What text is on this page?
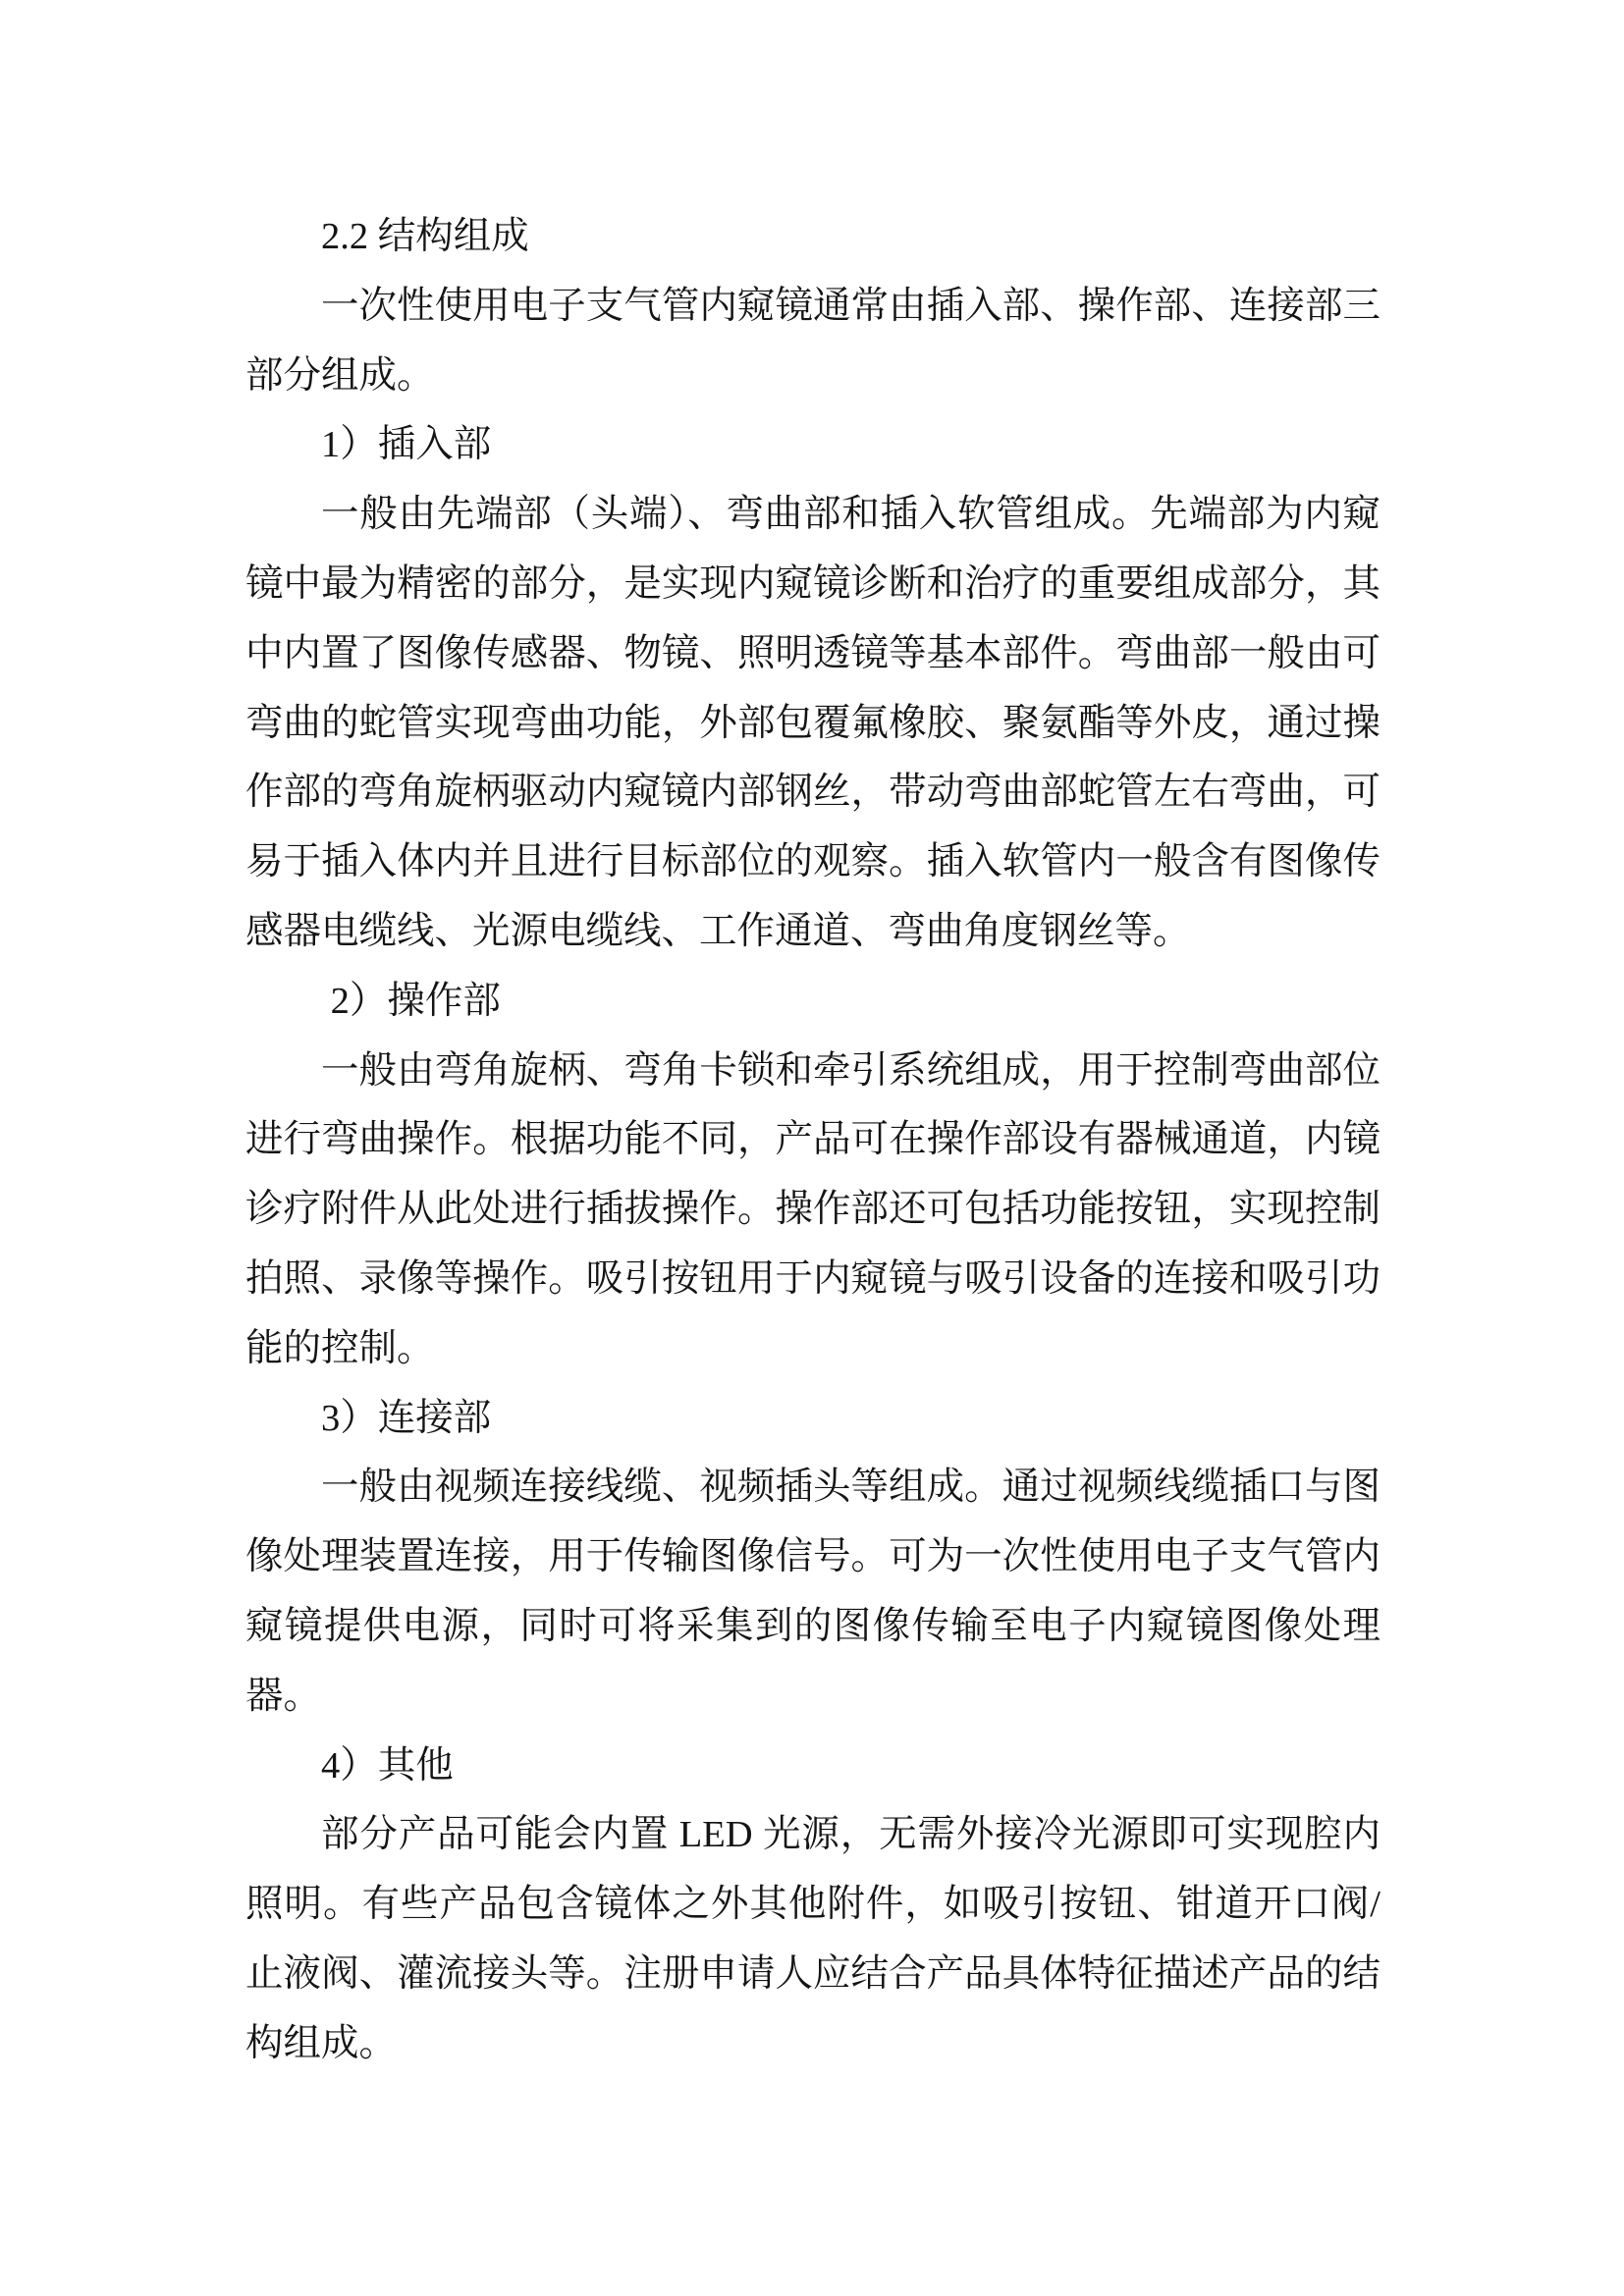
2.2 结构组成

一次性使用电子支气管内窥镜通常由插入部、操作部、连接部三部分组成。

1）插入部

一般由先端部（头端）、弯曲部和插入软管组成。先端部为内窥镜中最为精密的部分，是实现内窥镜诊断和治疗的重要组成部分，其中内置了图像传感器、物镜、照明透镜等基本部件。弯曲部一般由可弯曲的蛇管实现弯曲功能，外部包覆氟橡胶、聚氨酯等外皮，通过操作部的弯角旋柄驱动内窥镜内部钢丝，带动弯曲部蛇管左右弯曲，可易于插入体内并且进行目标部位的观察。插入软管内一般含有图像传感器电缆线、光源电缆线、工作通道、弯曲角度钢丝等。

2）操作部

一般由弯角旋柄、弯角卡锁和牵引系统组成，用于控制弯曲部位进行弯曲操作。根据功能不同，产品可在操作部设有器械通道，内镜诊疗附件从此处进行插拔操作。操作部还可包括功能按钮，实现控制拍照、录像等操作。吸引按钮用于内窥镜与吸引设备的连接和吸引功能的控制。

3）连接部

一般由视频连接线缆、视频插头等组成。通过视频线缆插口与图像处理装置连接，用于传输图像信号。可为一次性使用电子支气管内窥镜提供电源，同时可将采集到的图像传输至电子内窥镜图像处理器。

4）其他

部分产品可能会内置 LED 光源，无需外接冷光源即可实现腔内照明。有些产品包含镜体之外其他附件，如吸引按钮、钳道开口阀/止液阀、灌流接头等。注册申请人应结合产品具体特征描述产品的结构组成。
